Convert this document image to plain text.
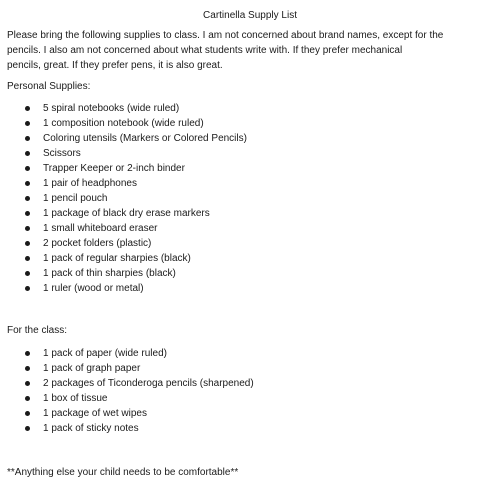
Cartinella Supply List

Please bring the following supplies to class. I am not concerned about brand names, except for the

pencils. I also am not concerned about what students write with. If they prefer mechanical

pencils, great. If they prefer pens, it is also great.

Personal Supplies:
5 spiral notebooks (wide ruled)
1 composition notebook (wide ruled)
Coloring utensils (Markers or Colored Pencils)
Scissors
Trapper Keeper or 2-inch binder
1 pair of headphones
1 pencil pouch
1 package of black dry erase markers
1 small whiteboard eraser
2 pocket folders (plastic)
1 pack of regular sharpies (black)
1 pack of thin sharpies (black)
1 ruler (wood or metal)
For the class:
1 pack of paper (wide ruled)
1 pack of graph paper
2 packages of Ticonderoga pencils (sharpened)
1 box of tissue
1 package of wet wipes
1 pack of sticky notes
**Anything else your child needs to be comfortable**
